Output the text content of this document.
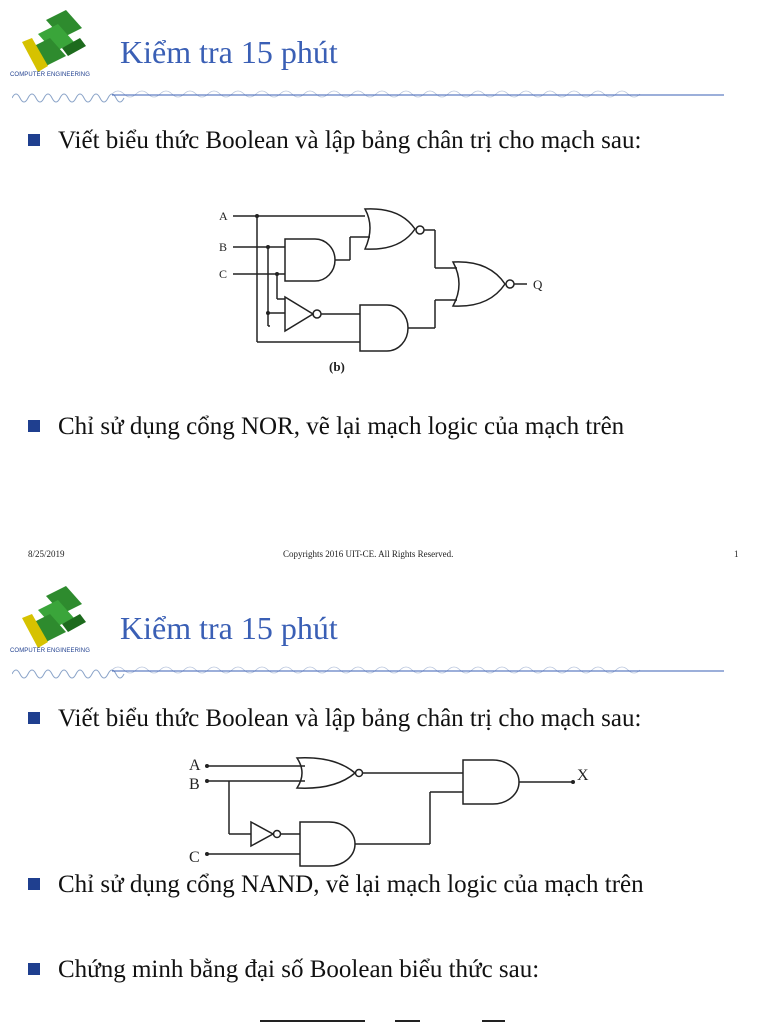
COMPUTER ENGINEERING
Kiểm tra 15 phút
Viết biểu thức Boolean và lập bảng chân trị cho mạch sau:
A
B
C
Q
(b)
Chỉ sử dụng cổng NOR, vẽ lại mạch logic của mạch trên
8/25/2019	Copyrights 2016 UIT-CE. All Rights Reserved.	1
COMPUTER ENGINEERING
Kiểm tra 15 phút
Viết biểu thức Boolean và lập bảng chân trị cho mạch sau:
A
B
C
X
Chỉ sử dụng cổng NAND, vẽ lại mạch logic của mạch trên
Chứng minh bằng đại số Boolean biểu thức sau:
